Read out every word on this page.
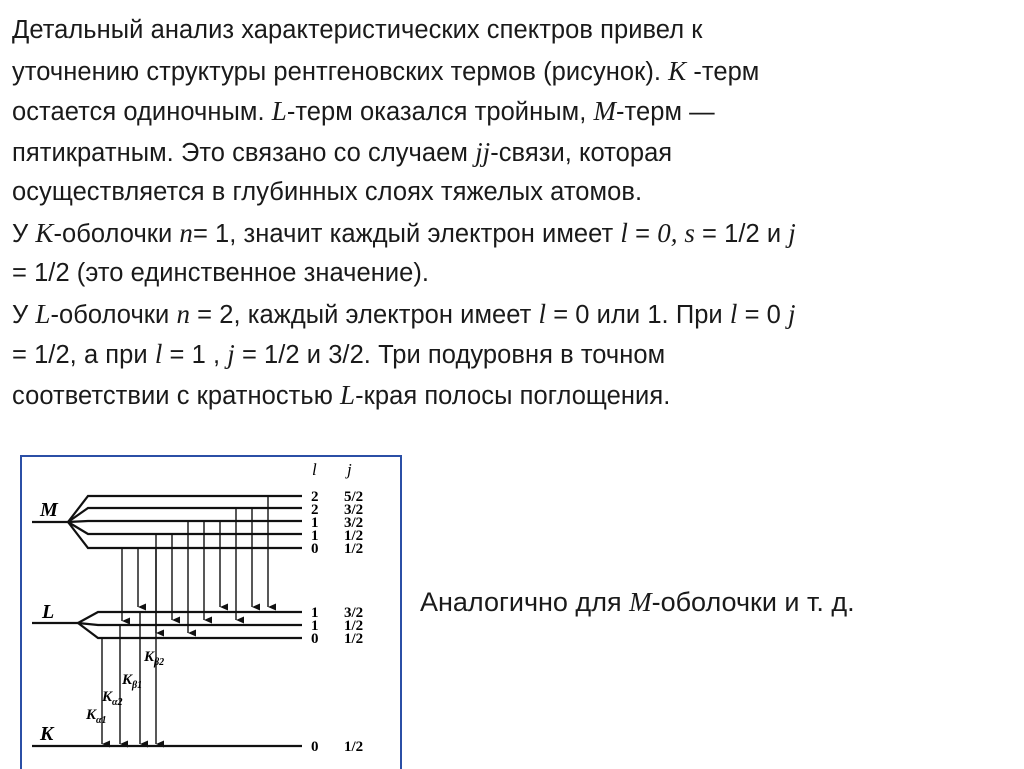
Детальный анализ характеристических спектров привел к
уточнению структуры рентгеновских термов (рисунок). K -терм
остается одиночным. L-терм оказался тройным, M-терм —
пятикратным. Это связано со случаем jj-связи, которая
осуществляется в глубинных слоях тяжелых атомов.
У K-оболочки n= 1, значит каждый электрон имеет l = 0, s = 1/2 и j
= 1/2 (это единственное значение).
У L-оболочки n = 2, каждый электрон имеет l = 0 или 1. При l = 0 j
= 1/2, а при l = 1 , j = 1/2 и 3/2. Три подуровня в точном
соответствии с кратностью L-края полосы поглощения.
l j
M
L
K
2 5/2
2 3/2
1 3/2
1 1/2
0 1/2
1 3/2
1 1/2
0 1/2
0 1/2
$K_{\beta 2}$
$K_{\beta 1}$
$K_{\alpha 2}$
$K_{\alpha 1}$
Аналогично для M-оболочки и т. д.
